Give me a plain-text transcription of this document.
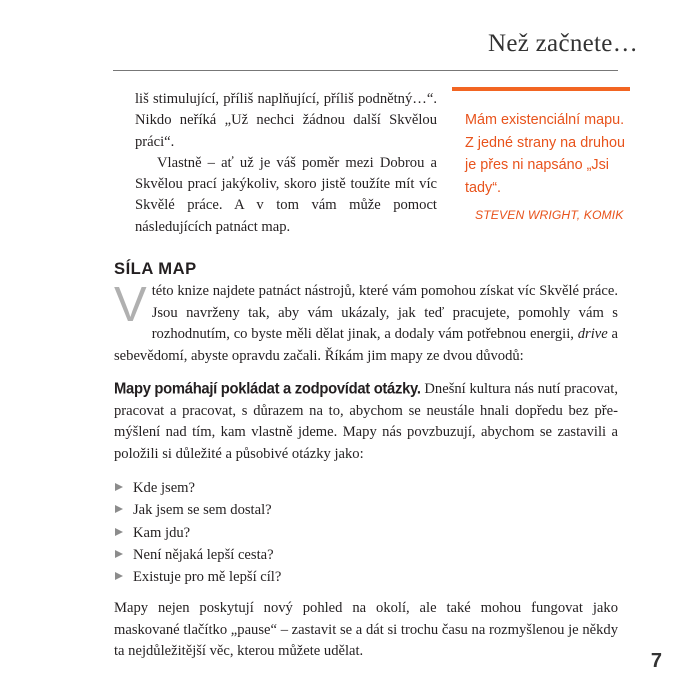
Než začnete…

liš stimulující, příliš naplňující, příliš podnětný…“. Nikdo neříká „Už nechci žádnou další Skvělou práci“.

Vlastně – ať už je váš poměr mezi Dobrou a Skvělou prací jakýkoliv, skoro jistě toužíte mít víc Skvělé práce. A v tom vám může pomoct následujících patnáct map.

Mám existenciální mapu. Z jedné strany na druhou je přes ni napsáno „Jsi tady“.

STEVEN WRIGHT, KOMIK

SÍLA MAP

Vtéto knize najdete patnáct nástrojů, které vám pomohou získat víc Skvělé práce. Jsou navrženy tak, aby vám ukázaly, jak teď pracujete, pomohly vám s rozhodnutím, co byste měli dělat jinak, a dodaly vám potřebnou energii, drive a sebevědomí, abyste opravdu začali. Říkám jim mapy ze dvou důvodů:

Mapy pomáhají pokládat a zodpovídat otázky. Dnešní kultura nás nutí pracovat, pracovat a pracovat, s důrazem na to, abychom se neustále hnali dopředu bez přemýšlení nad tím, kam vlastně jdeme. Mapy nás povzbuzují, abychom se zastavili a položili si důležité a působivé otázky jako:

Kde jsem?
Jak jsem se sem dostal?
Kam jdu?
Není nějaká lepší cesta?
Existuje pro mě lepší cíl?

Mapy nejen poskytují nový pohled na okolí, ale také mohou fungovat jako maskované tlačítko „pause“ – zastavit se a dát si trochu času na rozmyšlenou je někdy ta nejdůležitější věc, kterou můžete udělat.	7
